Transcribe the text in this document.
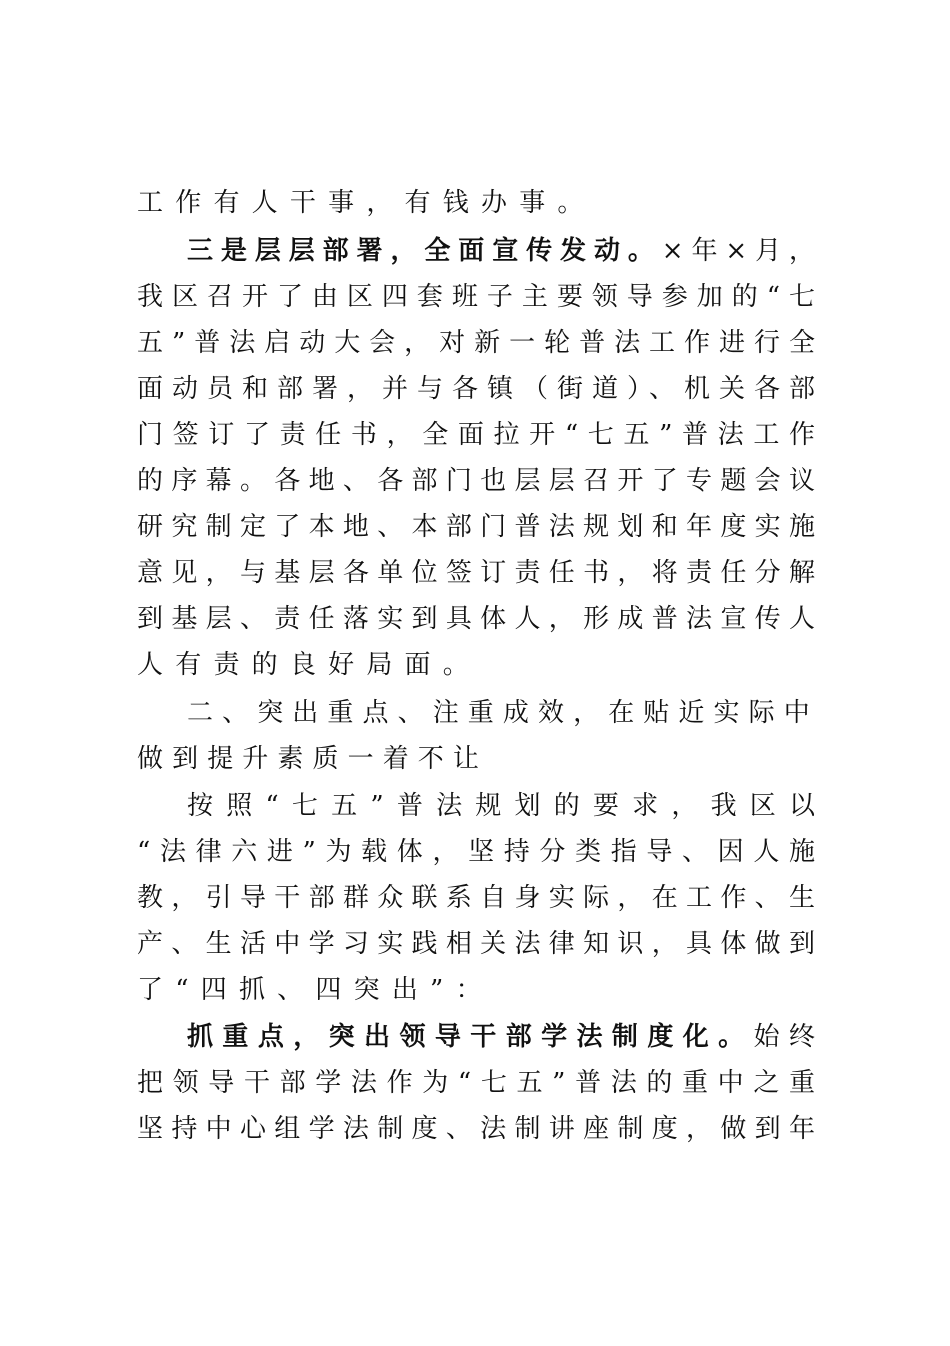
工作有人干事，有钱办事。
三是层层部署，全面宣传发动。×年×月，
我区召开了由区四套班子主要领导参加的“七
五”普法启动大会，对新一轮普法工作进行全
面动员和部署，并与各镇（街道）、机关各部
门签订了责任书，全面拉开“七五”普法工作
的序幕。各地、各部门也层层召开了专题会议
研究制定了本地、本部门普法规划和年度实施
意见，与基层各单位签订责任书，将责任分解
到基层、责任落实到具体人，形成普法宣传人
人有责的良好局面。
二、突出重点、注重成效，在贴近实际中
做到提升素质一着不让
按照“七五”普法规划的要求，我区以
“法律六进”为载体，坚持分类指导、因人施
教，引导干部群众联系自身实际，在工作、生
产、生活中学习实践相关法律知识，具体做到
了“四抓、四突出”：
抓重点，突出领导干部学法制度化。始终
把领导干部学法作为“七五”普法的重中之重
坚持中心组学法制度、法制讲座制度，做到年
